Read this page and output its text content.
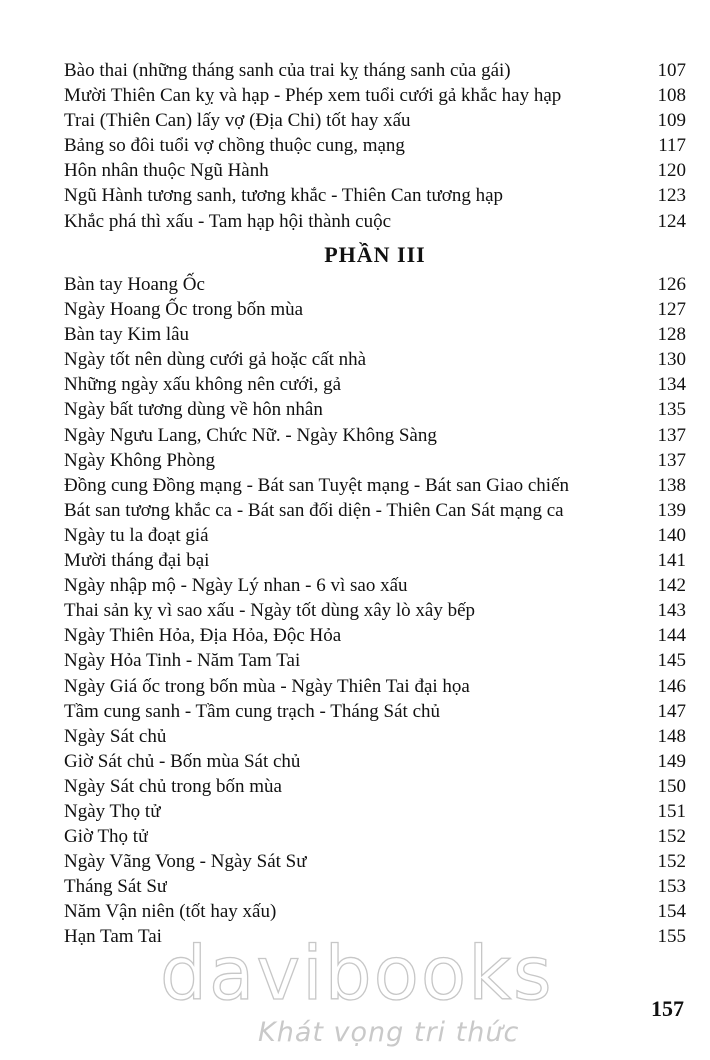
Bào thai (những tháng sanh của trai kỵ tháng sanh của gái)	107
Mười Thiên Can kỵ và hạp - Phép xem tuổi cưới gả khắc hay hạp	108
Trai (Thiên Can) lấy vợ (Địa Chi) tốt hay xấu	109
Bảng so đôi tuổi vợ chồng thuộc cung, mạng	117
Hôn nhân thuộc Ngũ Hành	120
Ngũ Hành tương sanh, tương khắc - Thiên Can tương hạp	123
Khắc phá thì xấu - Tam hạp hội thành cuộc	124
PHẦN III
Bàn tay Hoang Ốc	126
Ngày Hoang Ốc trong bốn mùa	127
Bàn tay Kim lâu	128
Ngày tốt nên dùng cưới gả hoặc cất nhà	130
Những ngày xấu không nên cưới, gả	134
Ngày bất tương dùng về hôn nhân	135
Ngày Ngưu Lang, Chức Nữ. - Ngày Không Sàng	137
Ngày Không Phòng	137
Đồng cung Đồng mạng - Bát san Tuyệt mạng - Bát san Giao chiến	138
Bát san tương khắc ca - Bát san đối diện - Thiên Can Sát mạng ca	139
Ngày tu la đoạt giá	140
Mười tháng đại bại	141
Ngày nhập mộ - Ngày Lý nhan - 6 vì sao xấu	142
Thai sản kỵ vì sao xấu - Ngày tốt dùng xây lò xây bếp	143
Ngày Thiên Hỏa, Địa Hỏa, Độc Hỏa	144
Ngày Hỏa Tinh - Năm Tam Tai	145
Ngày Giá ốc trong bốn mùa - Ngày Thiên Tai đại họa	146
Tầm cung sanh - Tầm cung trạch - Tháng Sát chủ	147
Ngày Sát chủ	148
Giờ Sát chủ - Bốn mùa Sát chủ	149
Ngày Sát chủ trong bốn mùa	150
Ngày Thọ tử	151
Giờ Thọ tử	152
Ngày Vãng Vong - Ngày Sát Sư	152
Tháng Sát Sư	153
Năm Vận niên (tốt hay xấu)	154
Hạn Tam Tai	155
davibooks
Khát vọng tri thức
157
